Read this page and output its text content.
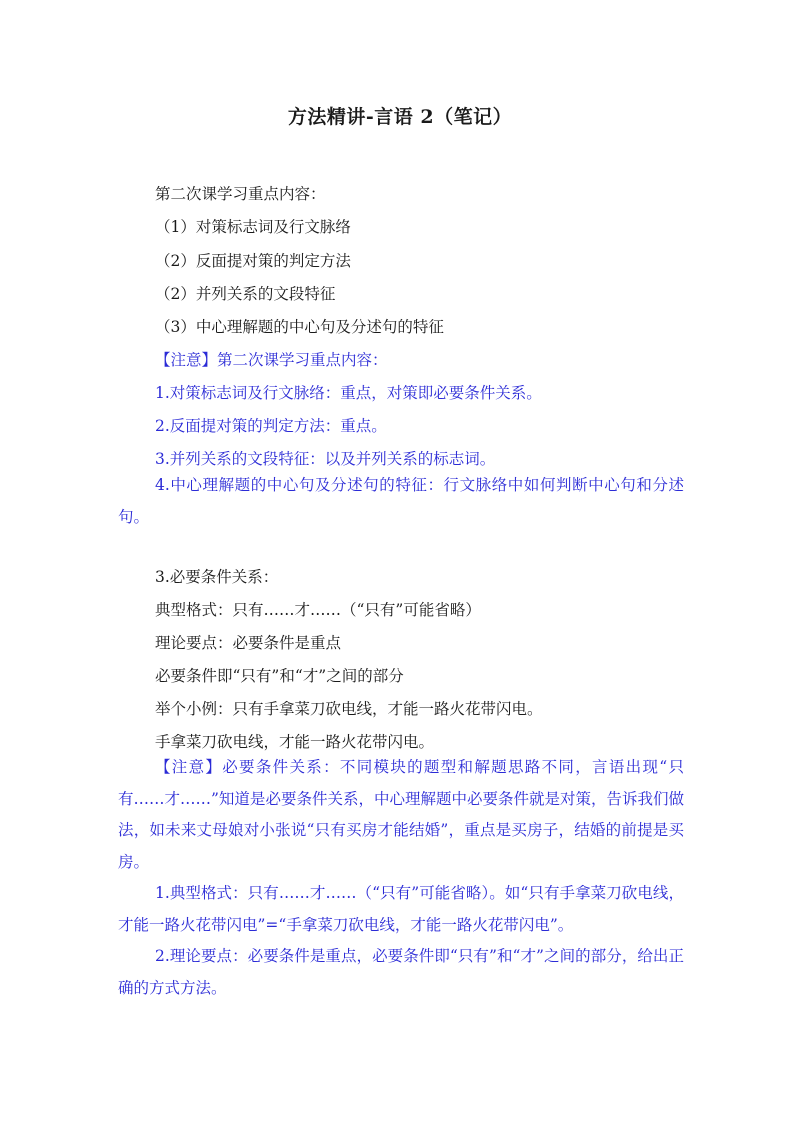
方法精讲-言语 2（笔记）
第二次课学习重点内容：
（1）对策标志词及行文脉络
（2）反面提对策的判定方法
（2）并列关系的文段特征
（3）中心理解题的中心句及分述句的特征
【注意】第二次课学习重点内容：
1.对策标志词及行文脉络：重点，对策即必要条件关系。
2.反面提对策的判定方法：重点。
3.并列关系的文段特征：以及并列关系的标志词。

4.中心理解题的中心句及分述句的特征：行文脉络中如何判断中心句和分述句。

3.必要条件关系：
典型格式：只有……才……（“只有”可能省略）
理论要点：必要条件是重点
必要条件即“只有”和“才”之间的部分
举个小例：只有手拿菜刀砍电线，才能一路火花带闪电。
手拿菜刀砍电线，才能一路火花带闪电。

【注意】必要条件关系：不同模块的题型和解题思路不同，言语出现“只有……才……”知道是必要条件关系，中心理解题中必要条件就是对策，告诉我们做法，如未来丈母娘对小张说“只有买房才能结婚”，重点是买房子，结婚的前提是买房。

1.典型格式：只有……才……（“只有”可能省略）。如“只有手拿菜刀砍电线，才能一路火花带闪电”=“手拿菜刀砍电线，才能一路火花带闪电”。

2.理论要点：必要条件是重点，必要条件即“只有”和“才”之间的部分，给出正确的方式方法。
